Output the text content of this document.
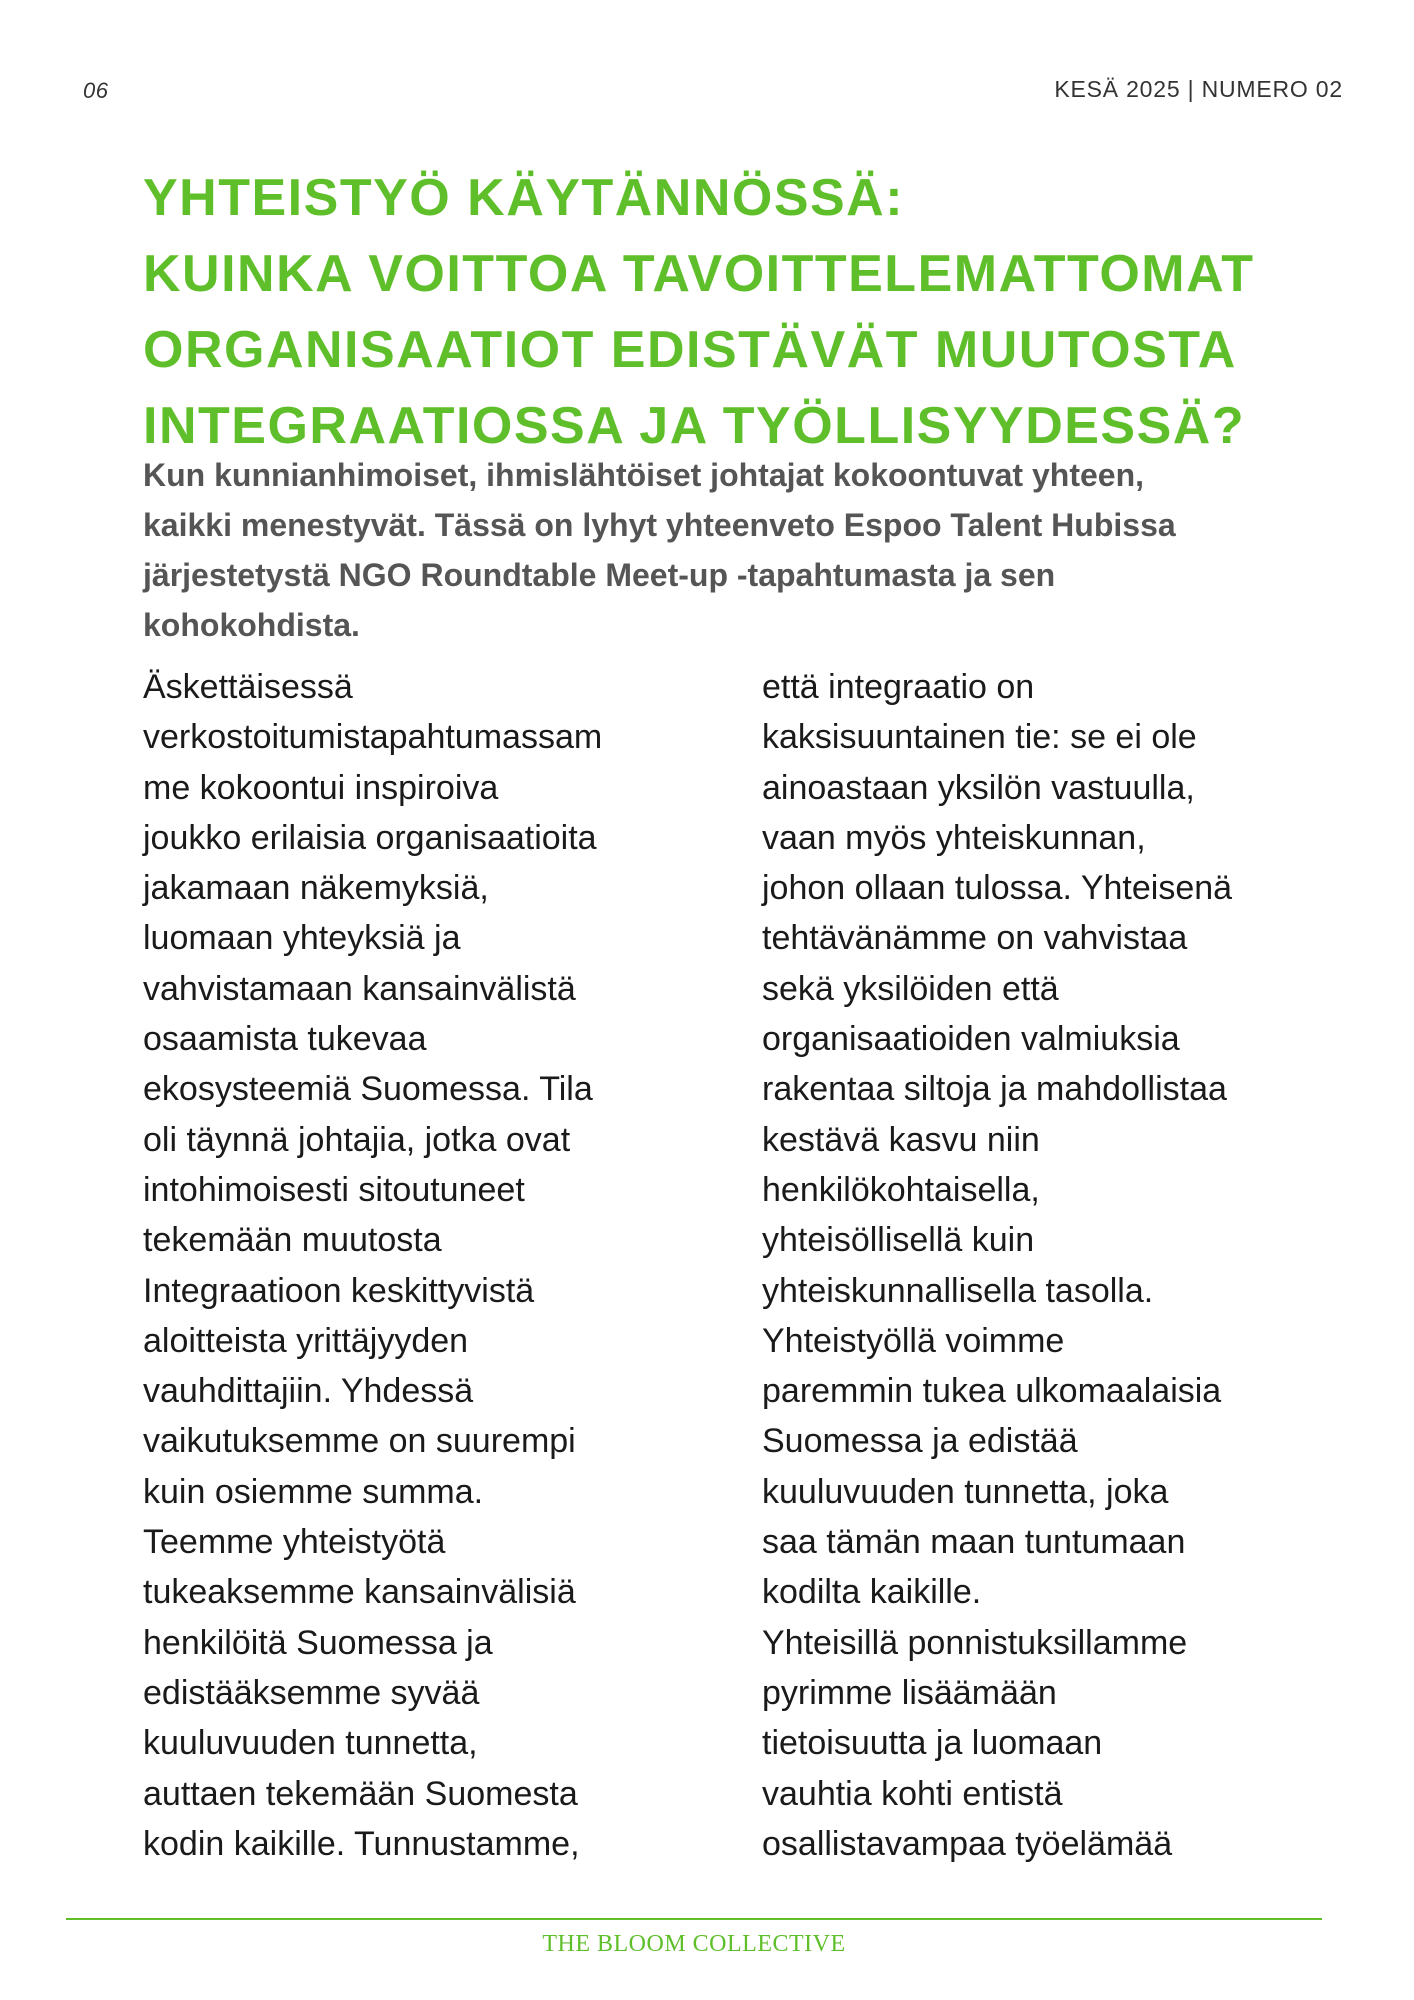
06	KESÄ 2025 | NUMERO 02
YHTEISTYÖ KÄYTÄNNÖSSÄ:
KUINKA VOITTOA TAVOITTELEMATTOMAT
ORGANISAATIOT EDISTÄVÄT MUUTOSTA
INTEGRAATIOSSA JA TYÖLLISYYDESSÄ?

Kun kunnianhimoiset, ihmislähtöiset johtajat kokoontuvat yhteen, kaikki menestyvät. Tässä on lyhyt yhteenveto Espoo Talent Hubissa järjestetystä NGO Roundtable Meet-up -tapahtumasta ja sen kohokohdista.

Äskettäisessä
verkostoitumistapahtumassam
me kokoontui inspiroiva
joukko erilaisia organisaatioita
jakamaan näkemyksiä,
luomaan yhteyksiä ja
vahvistamaan kansainvälistä
osaamista tukevaa
ekosysteemiä Suomessa. Tila
oli täynnä johtajia, jotka ovat
intohimoisesti sitoutuneet
tekemään muutosta
Integraatioon keskittyvistä
aloitteista yrittäjyyden
vauhdittajiin. Yhdessä
vaikutuksemme on suurempi
kuin osiemme summa.
Teemme yhteistyötä
tukeaksemme kansainvälisiä
henkilöitä Suomessa ja
edistääksemme syvää
kuuluvuuden tunnetta,
auttaen tekemään Suomesta
kodin kaikille. Tunnustamme,
että integraatio on
kaksisuuntainen tie: se ei ole
ainoastaan yksilön vastuulla,
vaan myös yhteiskunnan,
johon ollaan tulossa. Yhteisenä
tehtävänämme on vahvistaa
sekä yksilöiden että
organisaatioiden valmiuksia
rakentaa siltoja ja mahdollistaa
kestävä kasvu niin
henkilökohtaisella,
yhteisöllisellä kuin
yhteiskunnallisella tasolla.
Yhteistyöllä voimme
paremmin tukea ulkomaalaisia
Suomessa ja edistää
kuuluvuuden tunnetta, joka
saa tämän maan tuntumaan
kodilta kaikille.
Yhteisillä ponnistuksillamme
pyrimme lisäämään
tietoisuutta ja luomaan
vauhtia kohti entistä
osallistavampaa työelämää
THE BLOOM COLLECTIVE
